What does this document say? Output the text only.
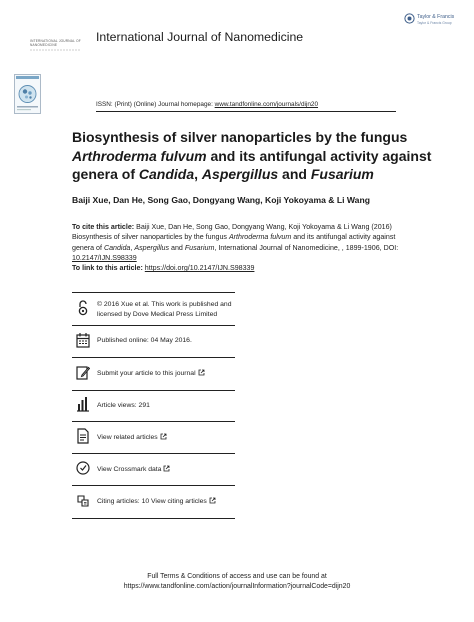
Taylor & Francis
Taylor & Francis Group
INTERNATIONAL JOURNAL OF
NANOMEDICINE
International Journal of Nanomedicine
ISSN: (Print) (Online) Journal homepage: www.tandfonline.com/journals/dijn20
Biosynthesis of silver nanoparticles by the fungus Arthroderma fulvum and its antifungal activity against genera of Candida, Aspergillus and Fusarium
Baiji Xue, Dan He, Song Gao, Dongyang Wang, Koji Yokoyama & Li Wang
To cite this article: Baiji Xue, Dan He, Song Gao, Dongyang Wang, Koji Yokoyama & Li Wang (2016) Biosynthesis of silver nanoparticles by the fungus Arthroderma fulvum and its antifungal activity against genera of Candida, Aspergillus and Fusarium, International Journal of Nanomedicine, , 1899-1906, DOI: 10.2147/IJN.S98339
To link to this article: https://doi.org/10.2147/IJN.S98339
© 2016 Xue et al. This work is published and
licensed by Dove Medical Press Limited
Published online: 04 May 2016.
Submit your article to this journal
Article views: 291
View related articles
View Crossmark data
Citing articles: 10 View citing articles
Full Terms & Conditions of access and use can be found at
https://www.tandfonline.com/action/journalInformation?journalCode=dijn20
